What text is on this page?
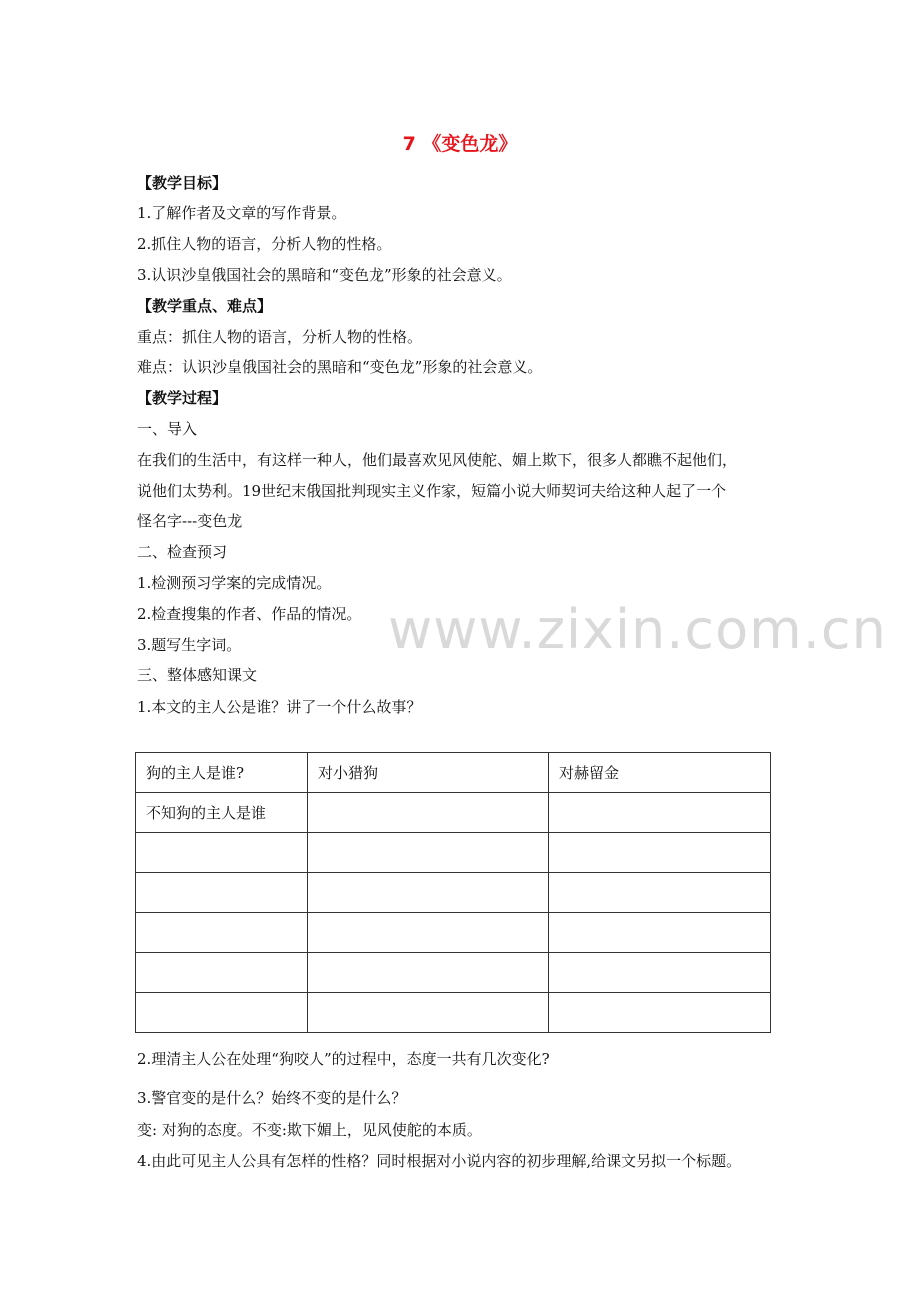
7 《变色龙》
【教学目标】
1.了解作者及文章的写作背景。
2.抓住人物的语言，分析人物的性格。
3.认识沙皇俄国社会的黑暗和“变色龙”形象的社会意义。
【教学重点、难点】
重点：抓住人物的语言，分析人物的性格。
难点：认识沙皇俄国社会的黑暗和“变色龙”形象的社会意义。
【教学过程】
一、导入
在我们的生活中，有这样一种人，他们最喜欢见风使舵、媚上欺下，很多人都瞧不起他们，
说他们太势利。19世纪末俄国批判现实主义作家，短篇小说大师契诃夫给这种人起了一个
怪名字---变色龙
二、检查预习
1.检测预习学案的完成情况。
2.检查搜集的作者、作品的情况。
3.题写生字词。
三、整体感知课文
1.本文的主人公是谁？讲了一个什么故事？
狗的主人是谁?	对小猎狗	对赫留金
不知狗的主人是谁		

2.理清主人公在处理“狗咬人”的过程中，态度一共有几次变化?
3.警官变的是什么？始终不变的是什么？
变: 对狗的态度。不变:欺下媚上，见风使舵的本质。
4.由此可见主人公具有怎样的性格？同时根据对小说内容的初步理解,给课文另拟一个标题。
www.zixin.com.cn
